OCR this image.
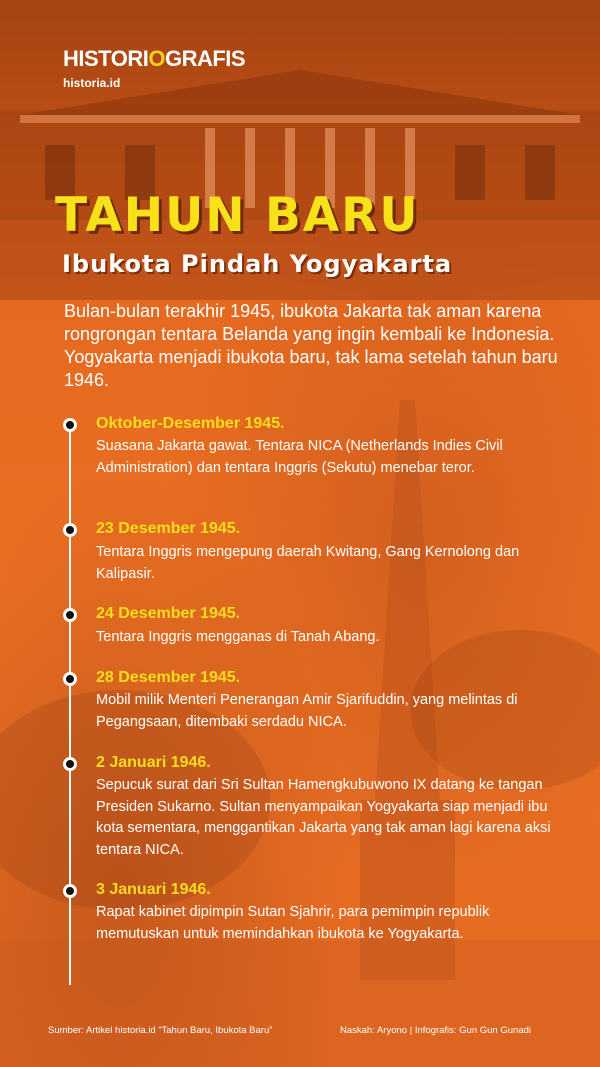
HISTORIOGRAFIS
historia.id
TAHUN BARU
Ibukota Pindah Yogyakarta
Bulan-bulan terakhir 1945, ibukota Jakarta tak aman karena rongrongan tentara Belanda yang ingin kembali ke Indonesia. Yogyakarta menjadi ibukota baru, tak lama setelah tahun baru 1946.
Oktober-Desember 1945.
Suasana Jakarta gawat. Tentara NICA (Netherlands Indies Civil Administration) dan tentara Inggris (Sekutu) menebar teror.
23 Desember 1945.
Tentara Inggris mengepung daerah Kwitang, Gang Kernolong dan Kalipasir.
24 Desember 1945.
Tentara Inggris mengganas di Tanah Abang.
28 Desember 1945.
Mobil milik Menteri Penerangan Amir Sjarifuddin, yang melintas di Pegangsaan, ditembaki serdadu NICA.
2 Januari 1946.
Sepucuk surat dari Sri Sultan Hamengkubuwono IX datang ke tangan Presiden Sukarno. Sultan menyampaikan Yogyakarta siap menjadi ibu kota sementara, menggantikan Jakarta yang tak aman lagi karena aksi tentara NICA.
3 Januari 1946.
Rapat kabinet dipimpin Sutan Sjahrir, para pemimpin republik memutuskan untuk memindahkan ibukota ke Yogyakarta.
Sumber: Artikel historia.id “Tahun Baru, Ibukota Baru”	Naskah: Aryono | Infografis: Gun Gun Gunadi
